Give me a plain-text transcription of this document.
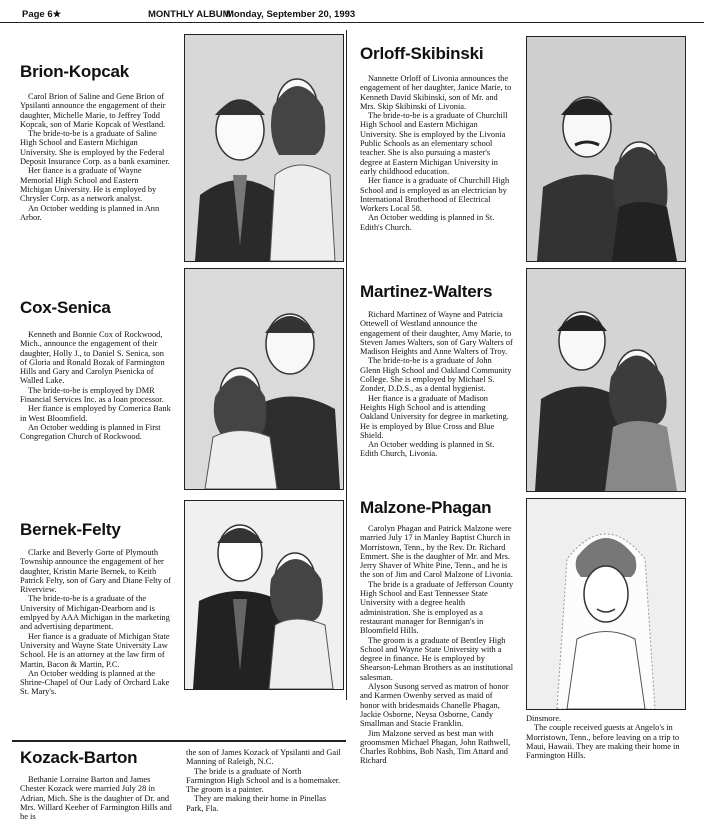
Page 6★	MONTHLY ALBUM
Monday, September 20, 1993
Brion-Kopcak

Carol Brion of Saline and Gene Brion of Ypsilanti announce the engagement of their daughter, Michelle Marie, to Jeffrey Todd Kopcak, son of Marie Kopcak of Westland.

The bride-to-be is a graduate of Saline High School and Eastern Michigan University. She is employed by the Federal Deposit Insurance Corp. as a bank examiner.

Her fiance is a graduate of Wayne Memorial High School and Eastern Michigan University. He is employed by Chrysler Corp. as a network analyst.

An October wedding is planned in Ann Arbor.

Orloff-Skibinski

Nannette Orloff of Livonia announces the engagement of her daughter, Janice Marie, to Kenneth David Skibinski, son of Mr. and Mrs. Skip Skibinski of Livonia.

The bride-to-be is a graduate of Churchill High School and Eastern Michigan University. She is employed by the Livonia Public Schools as an elementary school teacher. She is also pursuing a master's degree at Eastern Michigan University in early childhood education.

Her fiance is a graduate of Churchill High School and is employed as an electrician by International Brotherhood of Electrical Workers Local 58.

An October wedding is planned in St. Edith's Church.

Cox-Senica

Kenneth and Bonnie Cox of Rockwood, Mich., announce the engagement of their daughter, Holly J., to Daniel S. Senica, son of Gloria and Ronald Bozak of Farmington Hills and Gary and Carolyn Psenicka of Walled Lake.

The bride-to-be is employed by DMR Financial Services Inc. as a loan processor.

Her fiance is employed by Comerica Bank in West Bloomfield.

An October wedding is planned in First Congregation Church of Rockwood.

Martinez-Walters

Richard Martinez of Wayne and Patricia Ottewell of Westland announce the engagement of their daughter, Amy Marie, to Steven James Walters, son of Gary Walters of Madison Heights and Anne Walters of Troy.

The bride-to-be is a graduate of John Glenn High School and Oakland Community College. She is employed by Michael S. Zonder, D.D.S., as a dental hygienist.

Her fiance is a graduate of Madison Heights High School and is attending Oakland University for degree in marketing. He is employed by Blue Cross and Blue Shield.

An October wedding is planned in St. Edith Church, Livonia.

Bernek-Felty

Clarke and Beverly Gorte of Plymouth Township announce the engagement of her daughter, Kristin Marie Bernek, to Keith Patrick Felty, son of Gary and Diane Felty of Riverview.

The bride-to-be is a graduate of the University of Michigan-Dearborn and is emlpyed by AAA Michigan in the marketing and advertising department.

Her fiance is a graduate of Michigan State University and Wayne State University Law School. He is an attorney at the law firm of Martin, Bacon & Martin, P.C.

An October wedding is planned at the Shrine-Chapel of Our Lady of Orchard Lake St. Mary's.

Malzone-Phagan

Carolyn Phagan and Patrick Malzone were married July 17 in Manley Baptist Church in Morristown, Tenn., by the Rev. Dr. Richard Emmert. She is the daughter of Mr. and Mrs. Jerry Shaver of White Pine, Tenn., and he is the son of Jim and Carol Malzone of Livonia.

The bride is a graduate of Jefferson County High School and East Tennessee State University with a degree health administration. She is employed as a restaurant manager for Bennigan's in Bloomfield Hills.

The groom is a graduate of Bentley High School and Wayne State University with a degree in finance. He is employed by Shearson-Lehman Brothers as an institutional salesman.

Alyson Susong served as matron of honor and Karmen Owenby served as maid of honor with bridesmaids Chanelle Phagan, Jackie Osborne, Neysa Osborne, Candy Smallman and Stacie Franklin.

Jim Malzone served as best man with groomsmen Michael Phagan, John Rathwell, Charles Robbins, Bob Nash, Tim Attard and Richard

Dinsmore.

The couple received guests at Angelo's in Morristown, Tenn., before leaving on a trip to Maui, Hawaii. They are making their home in Farmington Hills.

Kozack-Barton

Bethanie Lorraine Barton and James Chester Kozack were married July 28 in Adrian, Mich. She is the daughter of Dr. and Mrs. Willard Keeber of Farmington Hills and he is

the son of James Kozack of Ypsilanti and Gail Manning of Raleigh, N.C.

The bride is a graduate of North Farmington High School and is a homemaker. The groom is a painter.

They are making their home in Pinellas Park, Fla.
